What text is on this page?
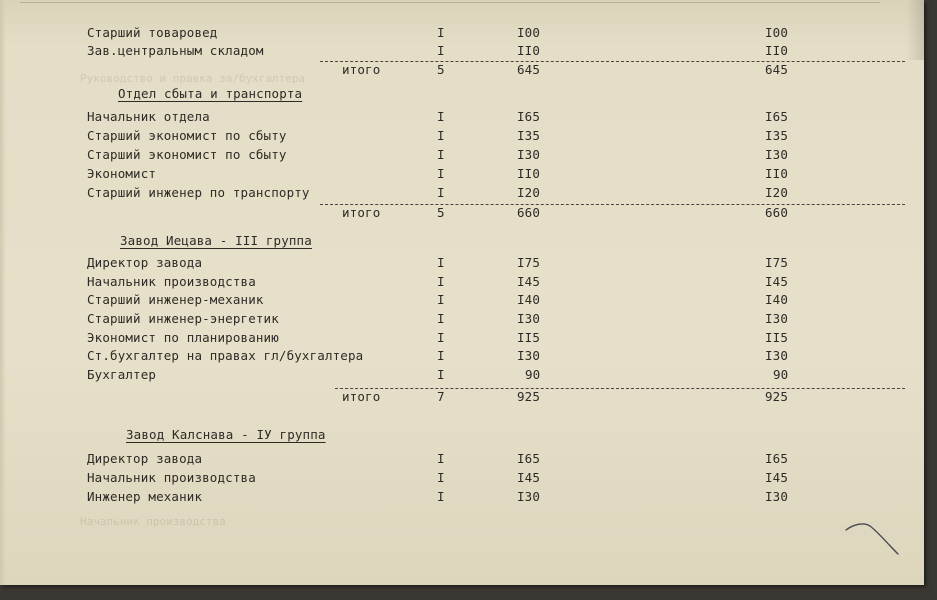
Руководство и правка за/бухгалтера
Начальник производства
Старший товаровед	I	I00	I00
Зав.центральным складом	I	II0	II0
итого	5	645	645
Отдел сбыта и транспорта
Начальник отдела	I	I65	I65
Старший экономист по сбыту	I	I35	I35
Старший экономист по сбыту	I	I30	I30
Экономист	I	II0	II0
Старший инженер по транспорту	I	I20	I20
итого	5	660	660
Завод Иецава - III группа
Директор завода	I	I75	I75
Начальник производства	I	I45	I45
Старший инженер-механик	I	I40	I40
Старший инженер-энергетик	I	I30	I30
Экономист по планированию	I	II5	II5
Ст.бухгалтер на правах гл/бухгалтера	I	I30	I30
Бухгалтер	I	90	90
итого	7	925	925
Завод Калснава - IУ группа
Директор завода	I	I65	I65
Начальник производства	I	I45	I45
Инженер механик	I	I30	I30
